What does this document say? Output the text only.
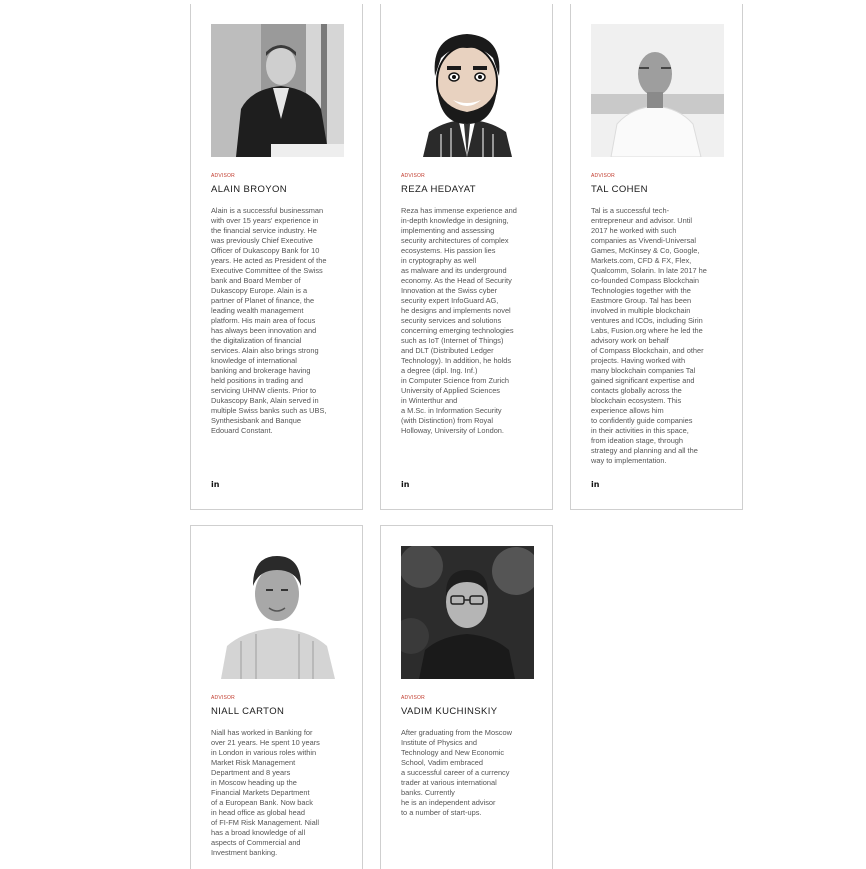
ADVISOR
ALAIN BROYON
Alain is a successful businessman
with over 15 years' experience in
the financial service industry. He
was previously Chief Executive
Officer of Dukascopy Bank for 10
years. He acted as President of the
Executive Committee of the Swiss
bank and Board Member of
Dukascopy Europe. Alain is a
partner of Planet of finance, the
leading wealth management
platform. His main area of focus
has always been innovation and
the digitalization of financial
services. Alain also brings strong
knowledge of international
banking and brokerage having
held positions in trading and
servicing UHNW clients. Prior to
Dukascopy Bank, Alain served in
multiple Swiss banks such as UBS,
Synthesisbank and Banque
Edouard Constant.
in
ADVISOR
REZA HEDAYAT
Reza has immense experience and
in-depth knowledge in designing,
implementing and assessing
security architectures of complex
ecosystems. His passion lies
in cryptography as well
as malware and its underground
economy. As the Head of Security
Innovation at the Swiss cyber
security expert InfoGuard AG,
he designs and implements novel
security services and solutions
concerning emerging technologies
such as IoT (Internet of Things)
and DLT (Distributed Ledger
Technology). In addition, he holds
a degree (dipl. Ing. Inf.)
in Computer Science from Zurich
University of Applied Sciences
in Winterthur and
a M.Sc. in Information Security
(with Distinction) from Royal
Holloway, University of London.
in
ADVISOR
TAL COHEN
Tal is a successful tech-
entrepreneur and advisor. Until
2017 he worked with such
companies as Vivendi-Universal
Games, McKinsey & Co, Google,
Markets.com, CFD & FX, Flex,
Qualcomm, Solarin. In late 2017 he
co-founded Compass Blockchain
Technologies together with the
Eastmore Group. Tal has been
involved in multiple blockchain
ventures and ICOs, including Sirin
Labs, Fusion.org where he led the
advisory work on behalf
of Compass Blockchain, and other
projects. Having worked with
many blockchain companies Tal
gained significant expertise and
contacts globally across the
blockchain ecosystem. This
experience allows him
to confidently guide companies
in their activities in this space,
from ideation stage, through
strategy and planning and all the
way to implementation.
in
ADVISOR
NIALL CARTON
Niall has worked in Banking for
over 21 years. He spent 10 years
in London in various roles within
Market Risk Management
Department and 8 years
in Moscow heading up the
Financial Markets Department
of a European Bank. Now back
in head office as global head
of FI-FM Risk Management. Niall
has a broad knowledge of all
aspects of Commercial and
Investment banking.
ADVISOR
VADIM KUCHINSKIY
After graduating from the Moscow
Institute of Physics and
Technology and New Economic
School, Vadim embraced
a successful career of a currency
trader at various international
banks. Currently
he is an independent advisor
to a number of start-ups.
